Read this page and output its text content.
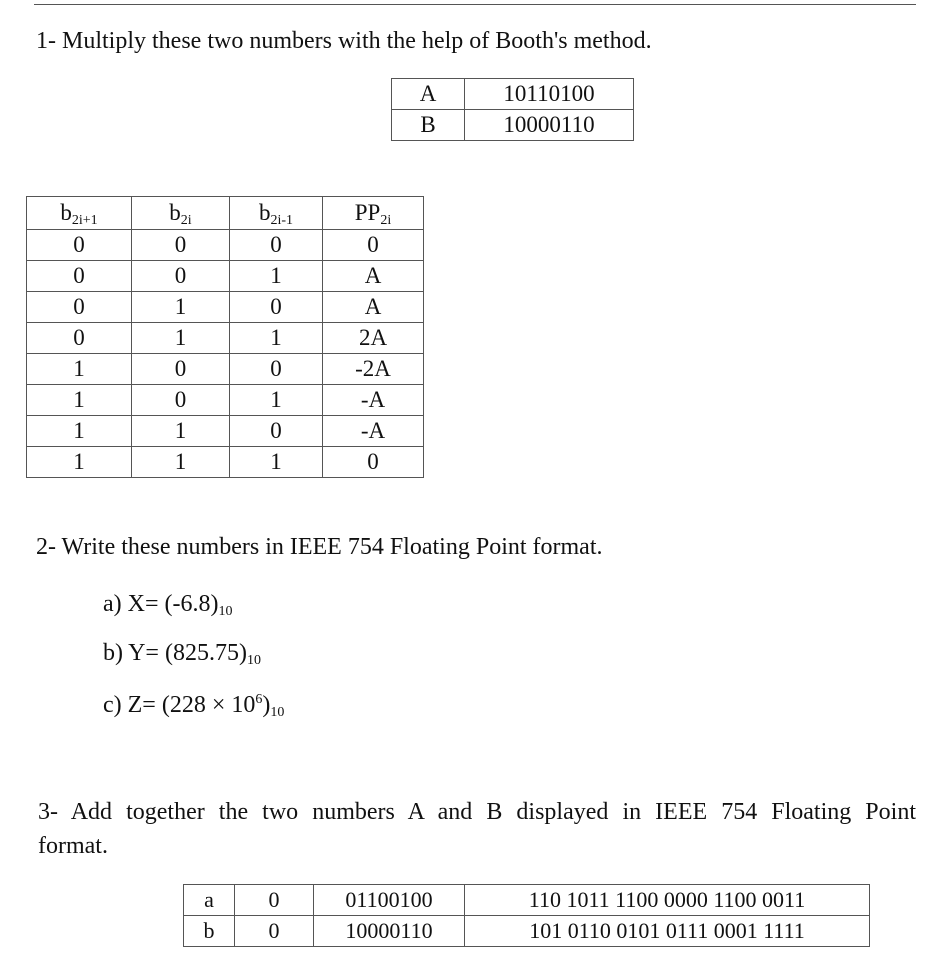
1- Multiply these two numbers with the help of Booth's method.
A	10110100
B	10000110
$b_{2i+1}$	$b_{2i}$	$b_{2i-1}$	$PP_{2i}$
0	0	0	0
0	0	1	A
0	1	0	A
0	1	1	2A
1	0	0	-2A
1	0	1	-A
1	1	0	-A
1	1	1	0
2- Write these numbers in IEEE 754 Floating Point format.
a) $X= (-6.8)_{10}$
b) $Y= (825.75)_{10}$
c) $Z= (228 \times 10^6)_{10}$
3- Add together the two numbers A and B displayed in IEEE 754 Floating Point
format.
a	0	01100100	110 1011 1100 0000 1100 0011
b	0	10000110	101 0110 0101 0111 0001 1111
